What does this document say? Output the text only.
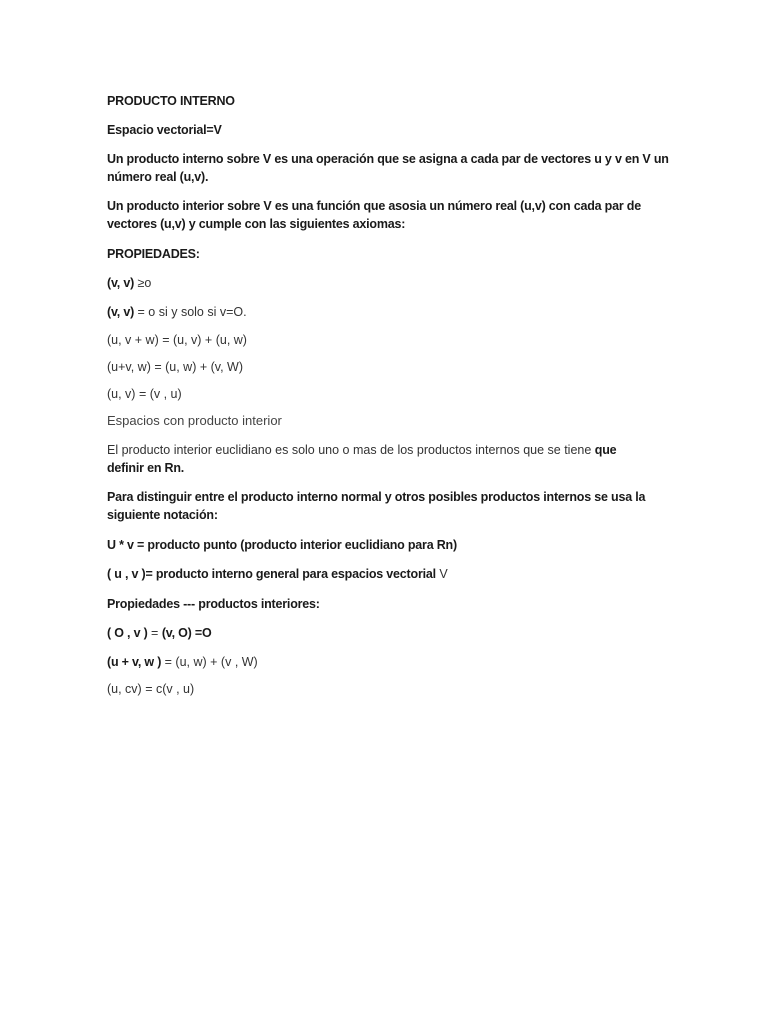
PRODUCTO INTERNO
Espacio vectorial=V
Un producto interno sobre V es una operación que se asigna a cada par de vectores u y v en V un
número real (u,v).
Un producto interior sobre V es una función que asosia un número real (u,v) con cada par de
vectores (u,v) y cumple con las siguientes axiomas:
PROPIEDADES:
(v, v) ≥o
(v, v) = o si y solo si v=O.
(u, v + w) = (u, v) + (u, w)
(u+v, w) = (u, w) + (v, W)
(u, v) = (v , u)
Espacios con producto interior
El producto interior euclidiano es solo uno o mas de los productos internos que se tiene que
definir en Rn.
Para distinguir entre el producto interno normal y otros posibles productos internos se usa la
siguiente notación:
U * v = producto punto (producto interior euclidiano para Rn)
( u , v )= producto interno general para espacios vectorial V
Propiedades --- productos interiores:
( O , v ) = (v, O) =O
(u + v, w ) = (u, w) + (v , W)
(u, cv) = c(v , u)
